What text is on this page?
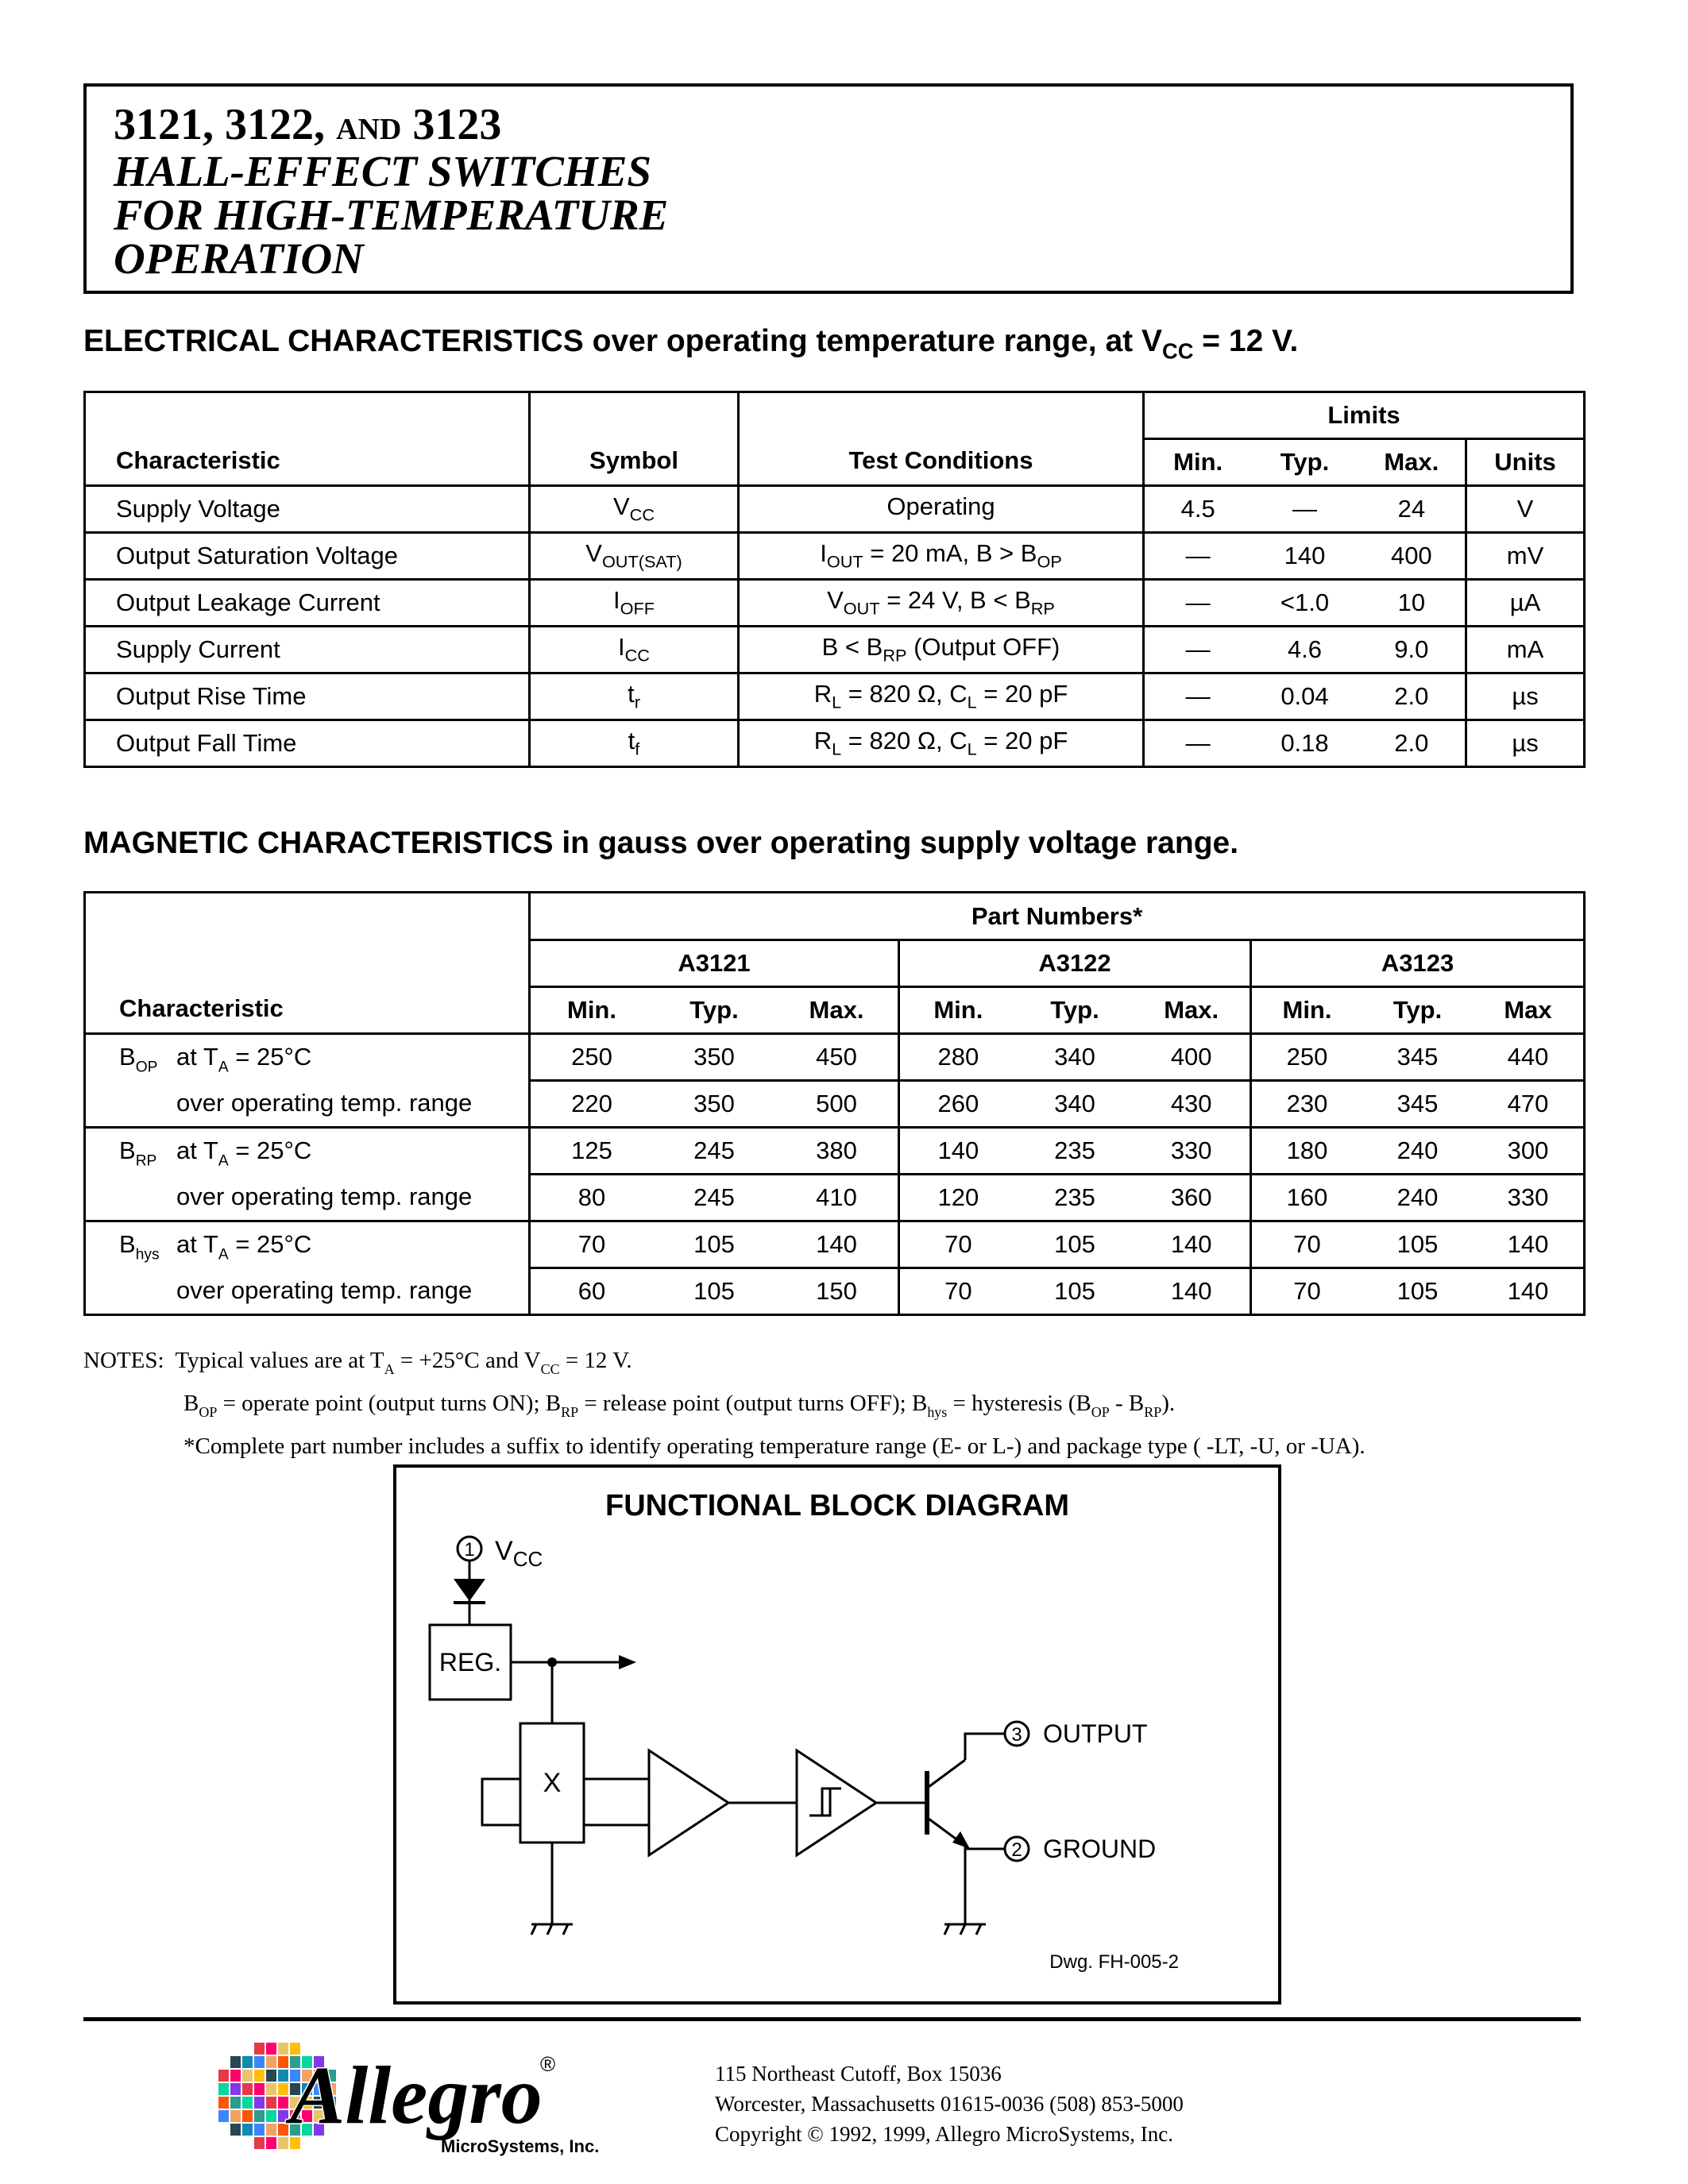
3121, 3122, AND 3123
HALL-EFFECT SWITCHES
FOR HIGH-TEMPERATURE
OPERATION
ELECTRICAL CHARACTERISTICS over operating temperature range, at $V_{CC} = 12$ V.
Characteristic	Symbol	Test Conditions	Limits	

			Min. Typ. Max.	Units
Supply Voltage	$V_{CC}$	Operating	4.5 — 24	V
Output Saturation Voltage	$V_{OUT(SAT)}$	$I_{OUT} = 20$ mA, $B > B_{OP}$	— 140 400	mV
Output Leakage Current	$I_{OFF}$	$V_{OUT} = 24$ V, $B < B_{RP}$	— <1.0 10	µA
Supply Current	$I_{CC}$	$B < B_{RP}$ (Output OFF)	— 4.6 9.0	mA
Output Rise Time	$t_r$	$R_L = 820$ Ω, $C_L = 20$ pF	— 0.04 2.0	µs
Output Fall Time	$t_f$	$R_L = 820$ Ω, $C_L = 20$ pF	— 0.18 2.0	µs
MAGNETIC CHARACTERISTICS in gauss over operating supply voltage range.
Characteristic	Part Numbers*		
	A3121	A3122	A3123

	Min. Typ. Max.	Min. Typ. Max.	Min. Typ. Max

$B_{OP}$ at $T_A = 25^\circ C$	250 350 450	280 340 400	250 345 440

over operating temp. range	220 350 500	260 340 430	230 345 470

$B_{RP}$ at $T_A = 25^\circ C$	125 245 380	140 235 330	180 240 300

over operating temp. range	80 245 410	120 235 360	160 240 330

$B_{hys}$ at $T_A = 25^\circ C$	70 105 140	70 105 140	70 105 140

over operating temp. range	60 105 150	70 105 140	70 105 140
NOTES: Typical values are at $T_A = +25^\circ C$ and $V_{CC} = 12$ V.
$B_{OP}$ = operate point (output turns ON); $B_{RP}$ = release point (output turns OFF); $B_{hys}$ = hysteresis $(B_{OP} - B_{RP})$.
*Complete part number includes a suffix to identify operating temperature range (E- or L-) and package type ( -LT, -U, or -UA).
FUNCTIONAL BLOCK DIAGRAM
1 $V_{CC}$
REG.
X
3 OUTPUT
2 GROUND
Dwg. FH-005-2
Allegro
®
MicroSystems, Inc.
115 Northeast Cutoff, Box 15036
Worcester, Massachusetts 01615-0036 (508) 853-5000
Copyright © 1992, 1999, Allegro MicroSystems, Inc.
